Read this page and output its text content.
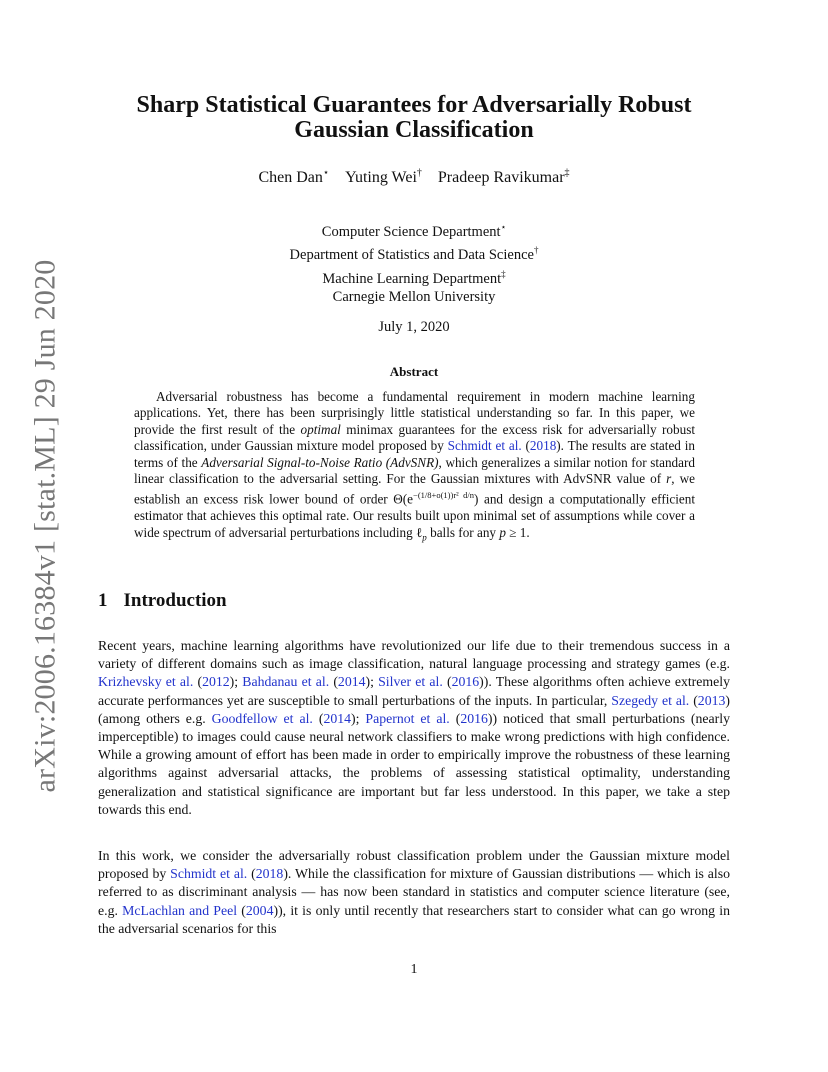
arXiv:2006.16384v1 [stat.ML] 29 Jun 2020
Sharp Statistical Guarantees for Adversarially Robust
Gaussian Classification
Chen Dan⋆ Yuting Wei† Pradeep Ravikumar‡
Computer Science Department⋆
Department of Statistics and Data Science†
Machine Learning Department‡
Carnegie Mellon University
July 1, 2020
Abstract

Adversarial robustness has become a fundamental requirement in modern machine learning applications. Yet, there has been surprisingly little statistical understanding so far. In this paper, we provide the first result of the optimal minimax guarantees for the excess risk for adversarially robust classification, under Gaussian mixture model proposed by Schmidt et al. (2018). The results are stated in terms of the Adversarial Signal-to-Noise Ratio (AdvSNR), which generalizes a similar notion for standard linear classification to the adversarial setting. For the Gaussian mixtures with AdvSNR value of r, we establish an excess risk lower bound of order $\Theta(e^{-(1/8+o(1))r^2 d/n})$ and design a computationally efficient estimator that achieves this optimal rate. Our results built upon minimal set of assumptions while cover a wide spectrum of adversarial perturbations including ℓ$_p$ balls for any p ≥ 1.

1 Introduction

Recent years, machine learning algorithms have revolutionized our life due to their tremendous success in a variety of different domains such as image classification, natural language processing and strategy games (e.g. Krizhevsky et al. (2012); Bahdanau et al. (2014); Silver et al. (2016)). These algorithms often achieve extremely accurate performances yet are susceptible to small perturbations of the inputs. In particular, Szegedy et al. (2013) (among others e.g. Goodfellow et al. (2014); Papernot et al. (2016)) noticed that small perturbations (nearly imperceptible) to images could cause neural network classifiers to make wrong predictions with high confidence. While a growing amount of effort has been made in order to empirically improve the robustness of these learning algorithms against adversarial attacks, the problems of assessing statistical optimality, understanding generalization and statistical significance are important but far less understood. In this paper, we take a step towards this end.

In this work, we consider the adversarially robust classification problem under the Gaussian mixture model proposed by Schmidt et al. (2018). While the classification for mixture of Gaussian distributions — which is also referred to as discriminant analysis — has now been standard in statistics and computer science literature (see, e.g. McLachlan and Peel (2004)), it is only until recently that researchers start to consider what can go wrong in the adversarial scenarios for this

1
